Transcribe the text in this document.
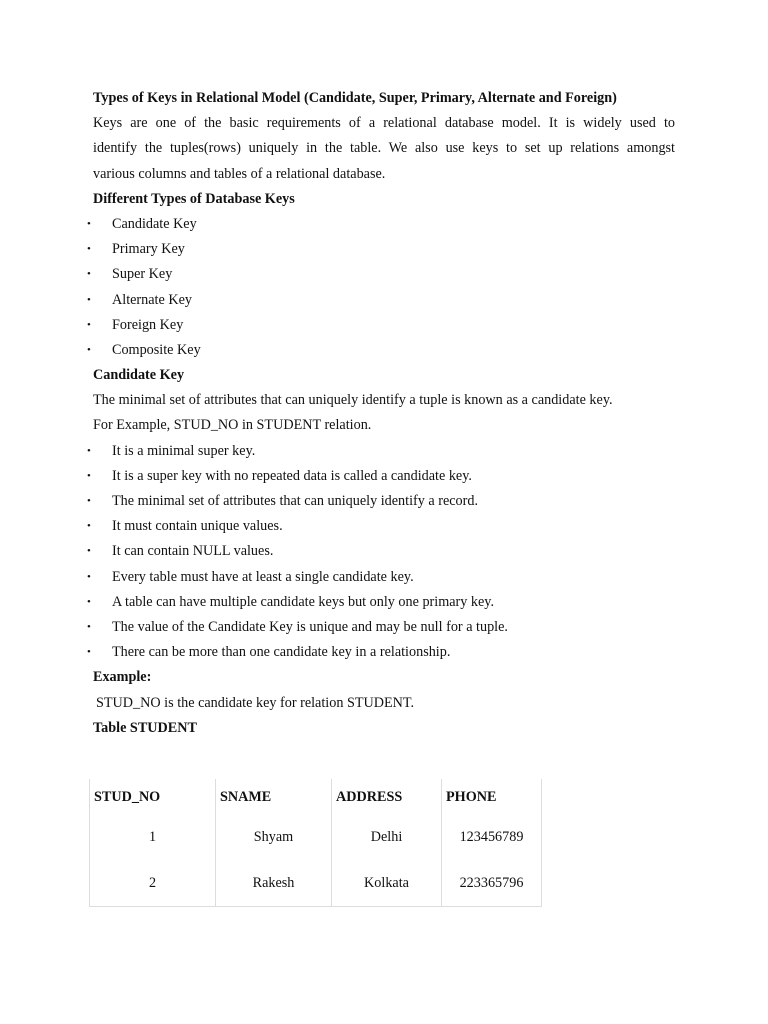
Types of Keys in Relational Model (Candidate, Super, Primary, Alternate and Foreign)
Keys are one of the basic requirements of a relational database model. It is widely used to
identify the tuples(rows) uniquely in the table. We also use keys to set up relations amongst
various columns and tables of a relational database.
Different Types of Database Keys
• Candidate Key
• Primary Key
• Super Key
• Alternate Key
• Foreign Key
• Composite Key
Candidate Key
The minimal set of attributes that can uniquely identify a tuple is known as a candidate key.
For Example, STUD_NO in STUDENT relation.
• It is a minimal super key.
• It is a super key with no repeated data is called a candidate key.
• The minimal set of attributes that can uniquely identify a record.
• It must contain unique values.
• It can contain NULL values.
• Every table must have at least a single candidate key.
• A table can have multiple candidate keys but only one primary key.
• The value of the Candidate Key is unique and may be null for a tuple.
• There can be more than one candidate key in a relationship.
Example:
STUD_NO is the candidate key for relation STUDENT.
Table STUDENT
STUD_NO	SNAME	ADDRESS	PHONE
1	Shyam	Delhi	123456789
2	Rakesh	Kolkata	223365796
